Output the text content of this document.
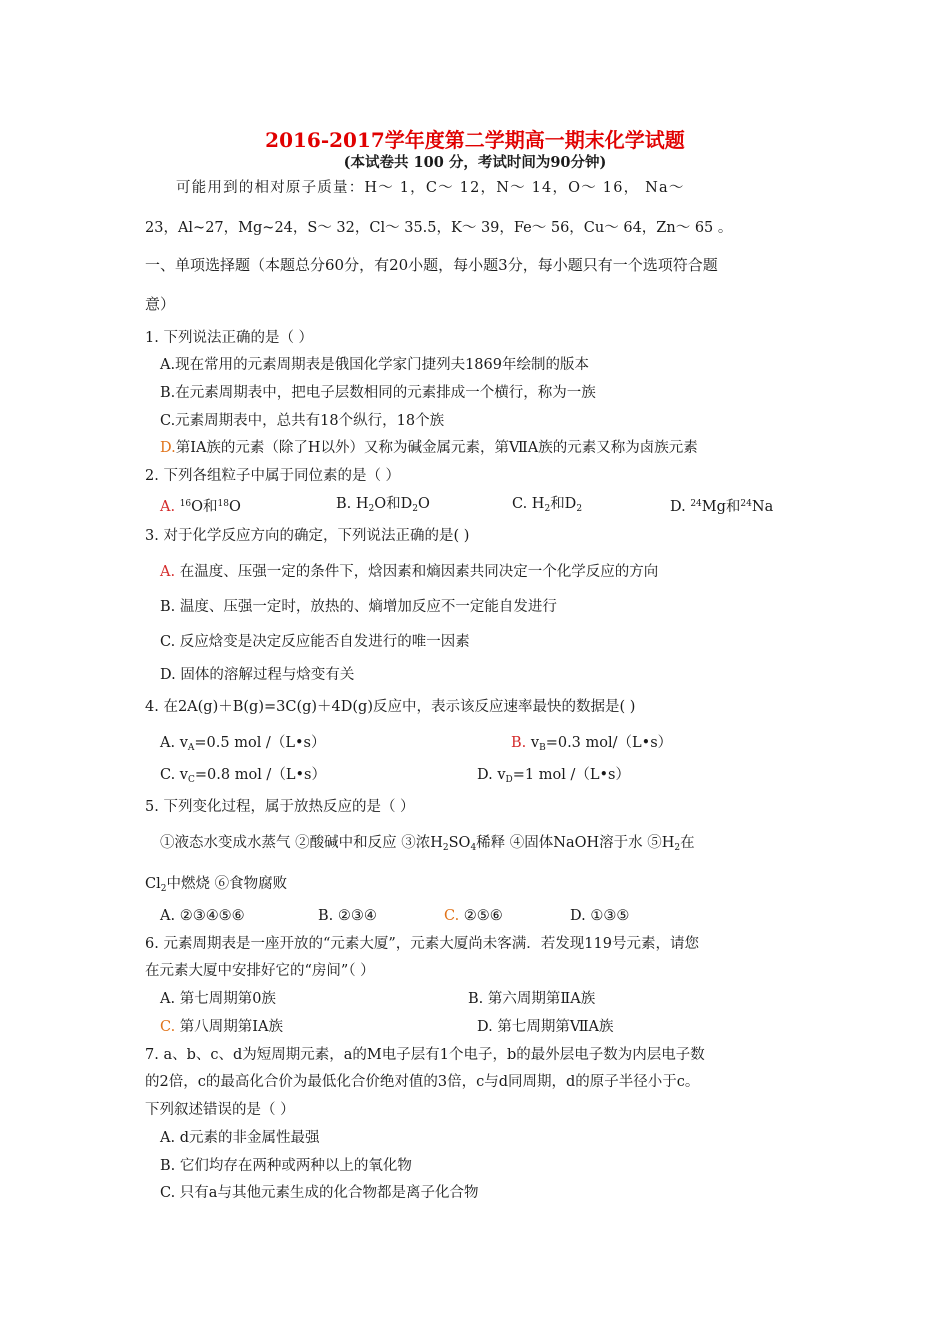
2016-2017学年度第二学期高一期末化学试题
(本试卷共 100 分，考试时间为90分钟)
可能用到的相对原子质量：H～ 1，C～ 12，N～ 14，O～ 16， Na～
23，Al~27，Mg~24，S～ 32，Cl～ 35.5，K～ 39，Fe～ 56，Cu～ 64，Zn～ 65 。
一、单项选择题（本题总分60分，有20小题，每小题3分，每小题只有一个选项符合题
意）
1. 下列说法正确的是（ ）
A.现在常用的元素周期表是俄国化学家门捷列夫1869年绘制的版本
B.在元素周期表中，把电子层数相同的元素排成一个横行，称为一族
C.元素周期表中，总共有18个纵行，18个族
D.第ⅠA族的元素（除了H以外）又称为碱金属元素，第ⅦA族的元素又称为卤族元素
2. 下列各组粒子中属于同位素的是（ ）
A. $^{16}$O和$^{18}$O	B. $H_2O$和$D_2O$	C. $H_2$和$D_2$	D. $^{24}$Mg和$^{24}$Na
3. 对于化学反应方向的确定，下列说法正确的是( )
A. 在温度、压强一定的条件下，焓因素和熵因素共同决定一个化学反应的方向
B. 温度、压强一定时，放热的、熵增加反应不一定能自发进行
C. 反应焓变是决定反应能否自发进行的唯一因素
D. 固体的溶解过程与焓变有关
4. 在2A(g)＋B(g)=3C(g)＋4D(g)反应中，表示该反应速率最快的数据是( )
A. $v_A=0.5$ mol /（L•s）	B. $v_B=0.3$ mol/（L•s）
C. $v_C=0.8$ mol /（L•s）	D. $v_D=1$ mol /（L•s）
5. 下列变化过程，属于放热反应的是（ ）
①液态水变成水蒸气 ②酸碱中和反应 ③浓$H_2SO_4$稀释 ④固体NaOH溶于水 $⑤H_2$在
$Cl_2$中燃烧 ⑥食物腐败
A. ②③④⑤⑥	B. ②③④	C. ②⑤⑥	D. ①③⑤
6. 元素周期表是一座开放的“元素大厦”，元素大厦尚未客满．若发现119号元素，请您
在元素大厦中安排好它的“房间”（ ）
A. 第七周期第0族	B. 第六周期第ⅡA族
C. 第八周期第ⅠA族	D. 第七周期第ⅦA族
7. a、b、c、d为短周期元素，a的M电子层有1个电子，b的最外层电子数为内层电子数
的2倍，c的最高化合价为最低化合价绝对值的3倍，c与d同周期，d的原子半径小于c。
下列叙述错误的是（ ）
A. d元素的非金属性最强
B. 它们均存在两种或两种以上的氧化物
C. 只有a与其他元素生成的化合物都是离子化合物
